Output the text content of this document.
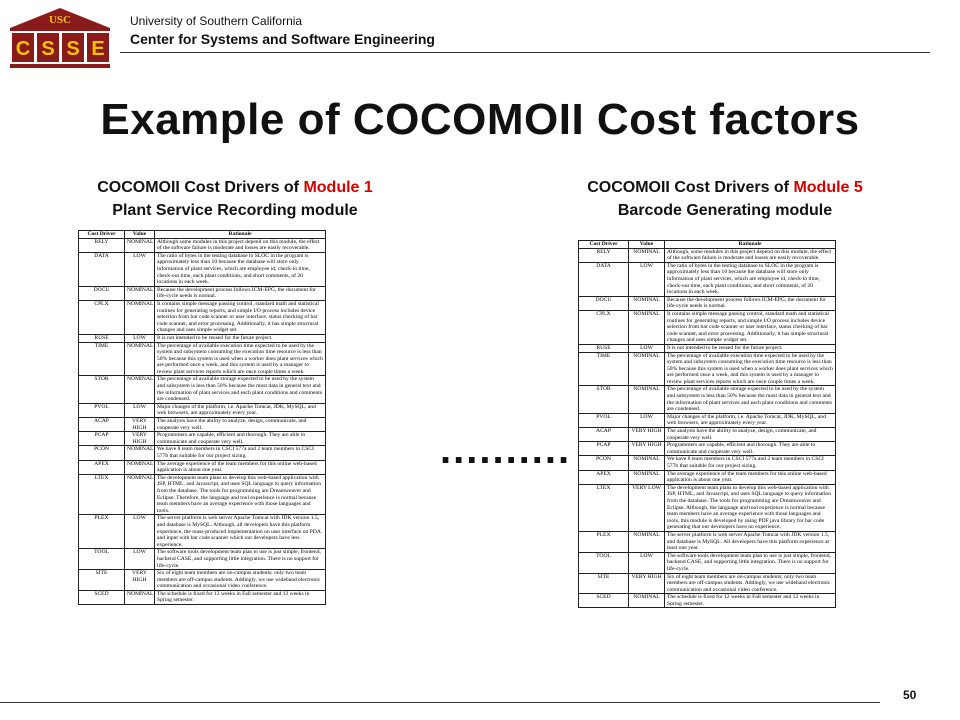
USC
C S S E
University of Southern California
Center for Systems and Software Engineering
Example of COCOMOII Cost factors
COCOMOII Cost Drivers of Module 1
Plant Service Recording module
COCOMOII Cost Drivers of Module 5
Barcode Generating module
Cost Driver	Value	Rationale
RELY	NOMINAL	Although some modules in this project depend on this module, the effect of the software failure is moderate and losses are easily recoverable.
DATA	LOW	The ratio of bytes in the testing database to SLOC in the program is approximately less than 10 because the database will store only information of plant services, which are employee id, check-in time, check-out time, each plant conditions, and short comments, of 20 locations in each week.
DOCU	NOMINAL	Because the development process follows ICM-EPG, the document for life-cycle needs is normal.
CPLX	NOMINAL	It contains simple message passing control, standard math and statistical routines for generating reports, and simple I/O process includes device selection from bar code scanner or user interface, status checking of bar code scanner, and error processing. Additionally, it has simple structural changes and uses simple widget set.
RUSE	LOW	It is not intended to be reused for the future project.
TIME	NOMINAL	The percentage of available execution time expected to be used by the system and subsystem consuming the execution time resource is less than 50% because this system is used when a worker does plant services which are performed once a week, and this system is used by a manager to review plant services reports which are once couple times a week.
STOR	NOMINAL	The percentage of available storage expected to be used by the system and subsystem is less than 50% because the most data in general text and the information of plant services and each plant conditions and comments are condensed.
PVOL	LOW	Major changes of the platform, i.e. Apache Tomcat, JDK, MySQL, and web browsers, are approximately every year.
ACAP	VERY HIGH	The analysts have the ability to analyze, design, communicate, and cooperate very well.
PCAP	VERY HIGH	Programmers are capable, efficient and thorough. They are able to communicate and cooperate very well.
PCON	NOMINAL	We have 8 team members in CSCI 577a and 2 team members in CSCI 577b that suitable for our project sizing.
APEX	NOMINAL	The average experience of the team members for this online web-based application is about one year.
LTEX	NOMINAL	The development team plans to develop this web-based application with JSP, HTML, and Javascript, and uses SQL language to query information from the database. The tools for programming are Dreamweaver and Eclipse. Therefore, the language and tool experience is normal because team members have an average experience with those languages and tools.
PLEX	LOW	The server platform is web server Apache Tomcat with JDK version 1.5, and database is MySQL. Although, all developers have this platform experience, the mass-produced implementation on user interface on PDA and input with bar code scanner which our developers have less experience.
TOOL	LOW	The software tools development team plan to use is just simple, frontend, backend CASE, and supporting little integration. There is no support for life-cycle.
SITE	VERY HIGH	Six of eight team members are on-campus students; only two team members are off-campus students. Addingly, we use wideband electronic communication and occasional video conference.
SCED	NOMINAL	The schedule is fixed for 12 weeks in Fall semester and 12 weeks in Spring semester.
..........
Cost Driver	Value	Rationale
RELY	NOMINAL	Although, some modules in this project depend on this module, the effect of the software failure is moderate and losses are easily recoverable.
DATA	LOW	The ratio of bytes in the testing database to SLOC in the program is approximately less than 10 because the database will store only information of plant services, which are employee id, check-in time, check-out time, each plant conditions, and short comments, of 20 locations in each week.
DOCU	NOMINAL	Because the development process follows ICM-EPG, the document for life-cycle needs is normal.
CPLX	NOMINAL	It contains simple message passing control, standard math and statistical routines for generating reports, and simple I/O process includes device selection from bar code scanner or user interface, status checking of bar code scanner, and error processing. Additionally, it has simple structural changes and uses simple widget set.
RUSE	LOW	It is not intended to be reused for the future project.
TIME	NOMINAL	The percentage of available execution time expected to be used by the system and subsystem consuming the execution time resource is less than 50% because this system is used when a worker does plant services which are performed once a week, and this system is used by a manager to review plant services reports which are once couple times a week.
STOR	NOMINAL	The percentage of available storage expected to be used by the system and subsystem is less than 50% because the most data in general text and the information of plant services and each plant conditions and comments are condensed.
PVOL	LOW	Major changes of the platform, i.e. Apache Tomcat, JDK, MySQL, and web browsers, are approximately every year.
ACAP	VERY HIGH	The analysts have the ability to analyze, design, communicate, and cooperate very well.
PCAP	VERY HIGH	Programmers are capable, efficient and thorough. They are able to communicate and cooperate very well.
PCON	NOMINAL	We have 8 team members in CSCI 577a and 2 team members in CSCI 577b that suitable for our project sizing.
APEX	NOMINAL	The average experience of the team members for this online web-based application is about one year.
LTEX	VERY LOW	The development team plans to develop this web-based application with JSP, HTML, and Javascript, and uses SQL language to query information from the database. The tools for programming are Dreamweaver and Eclipse. Although, the language and tool experience is normal because team members have an average experience with those languages and tools, this module is developed by using PDF java library for bar code generating that our developers have no experience.
PLEX	NOMINAL	The server platform is web server Apache Tomcat with JDK version 1.5, and database is MySQL. All developers have this platform experience at least one year.
TOOL	LOW	The software tools development team plan to use is just simple, frontend, backend CASE, and supporting little integration. There is no support for life-cycle.
SITE	VERY HIGH	Six of eight team members are on-campus students; only two team members are off-campus students. Addingly, we use wideband electronic communication and occasional video conference.
SCED	NOMINAL	The schedule is fixed for 12 weeks in Fall semester and 12 weeks in Spring semester.
50
